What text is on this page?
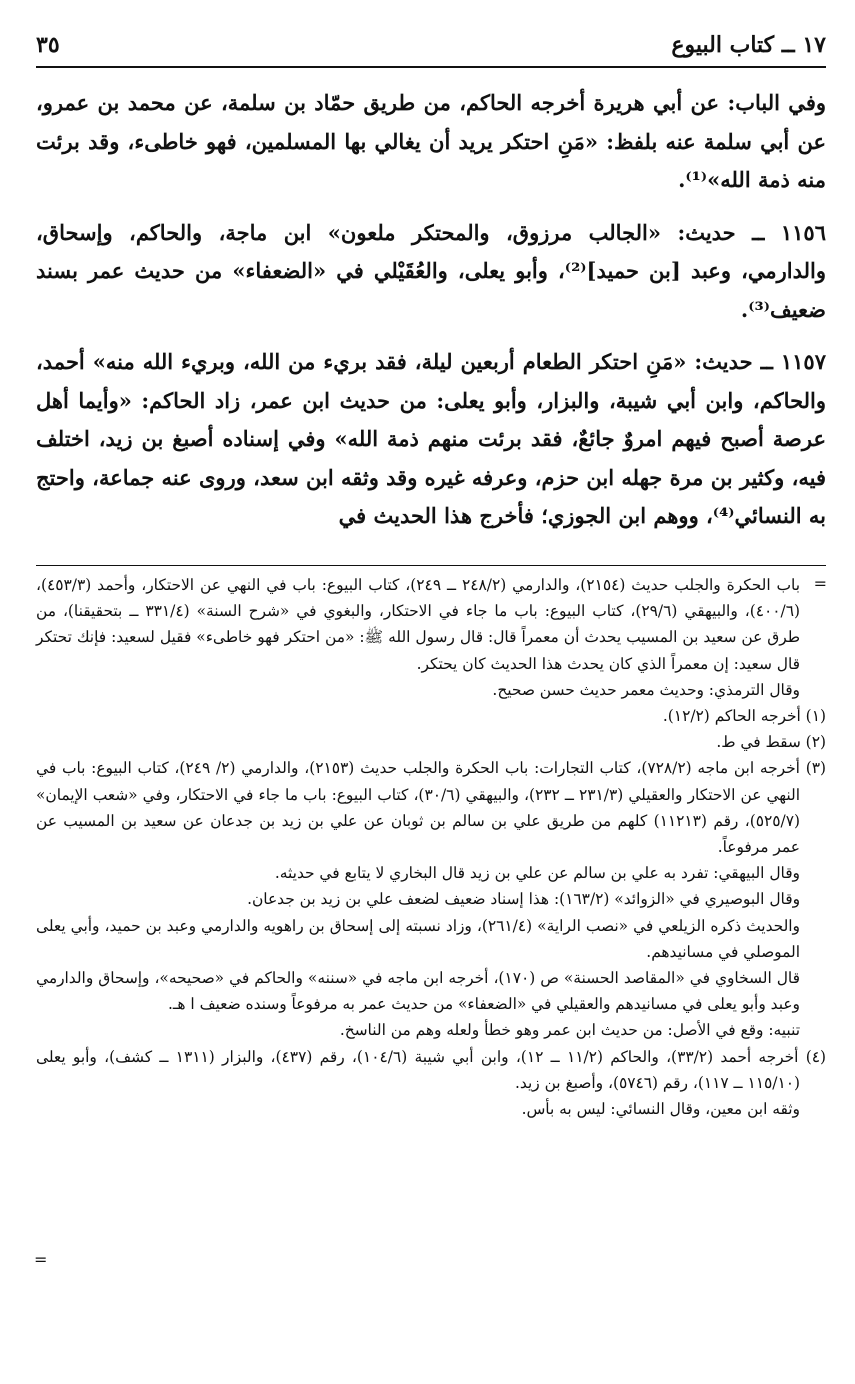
١٧ ــ كتاب البيوع
٣٥

وفي الباب: عن أبي هريرة أخرجه الحاكم، من طريق حمّاد بن سلمة، عن محمد بن عمرو، عن أبي سلمة عنه بلفظ: «مَنِ احتكر يريد أن يغالي بها المسلمين، فهو خاطىء، وقد برئت منه ذمة الله»⁽¹⁾.

١١٥٦ ــ حديث: «الجالب مرزوق، والمحتكر ملعون» ابن ماجة، والحاكم، وإسحاق، والدارمي، وعبد [بن حميد]⁽²⁾، وأبو يعلى، والعُقَيْلي في «الضعفاء» من حديث عمر بسند ضعيف⁽³⁾.

١١٥٧ ــ حديث: «مَنِ احتكر الطعام أربعين ليلة، فقد بريء من الله، وبريء الله منه» أحمد، والحاكم، وابن أبي شيبة، والبزار، وأبو يعلى: من حديث ابن عمر، زاد الحاكم: «وأيما أهل عرصة أصبح فيهم امروٌ جائعٌ، فقد برئت منهم ذمة الله» وفي إسناده أصبغ بن زيد، اختلف فيه، وكثير بن مرة جهله ابن حزم، وعرفه غيره وقد وثقه ابن سعد، وروى عنه جماعة، واحتج به النسائي⁽⁴⁾، ووهم ابن الجوزي؛ فأخرج هذا الحديث في

باب الحكرة والجلب حديث (٢١٥٤)، والدارمي (٢٤٨/٢ ــ ٢٤٩)، كتاب البيوع: باب في النهي عن الاحتكار، وأحمد (٤٥٣/٣)، (٤٠٠/٦)، والبيهقي (٢٩/٦)، كتاب البيوع: باب ما جاء في الاحتكار، والبغوي في «شرح السنة» (٣٣١/٤ ــ بتحقيقنا)، من طرق عن سعيد بن المسيب يحدث أن معمراً قال: قال رسول الله ﷺ: «من احتكر فهو خاطىء» فقيل لسعيد: فإنك تحتكر قال سعيد: إن معمراً الذي كان يحدث هذا الحديث كان يحتكر.

وقال الترمذي: وحديث معمر حديث حسن صحيح.

(١) أخرجه الحاكم (١٢/٢).

(٢) سقط في ط.

(٣) أخرجه ابن ماجه (٧٢٨/٢)، كتاب التجارات: باب الحكرة والجلب حديث (٢١٥٣)، والدارمي (٢/ ٢٤٩)، كتاب البيوع: باب في النهي عن الاحتكار والعقيلي (٢٣١/٣ ــ ٢٣٢)، والبيهقي (٣٠/٦)، كتاب البيوع: باب ما جاء في الاحتكار، وفي «شعب الإيمان» (٥٢٥/٧)، رقم (١١٢١٣) كلهم من طريق علي بن سالم بن ثوبان عن علي بن زيد بن جدعان عن سعيد بن المسيب عن عمر مرفوعاً.

وقال البيهقي: تفرد به علي بن سالم عن علي بن زيد قال البخاري لا يتابع في حديثه.

وقال البوصيري في «الزوائد» (١٦٣/٢): هذا إسناد ضعيف لضعف علي بن زيد بن جدعان.

والحديث ذكره الزيلعي في «نصب الراية» (٢٦١/٤)، وزاد نسبته إلى إسحاق بن راهويه والدارمي وعبد بن حميد، وأبي يعلى الموصلي في مسانيدهم.

قال السخاوي في «المقاصد الحسنة» ص (١٧٠)، أخرجه ابن ماجه في «سننه» والحاكم في «صحيحه»، وإسحاق والدارمي وعبد وأبو يعلى في مسانيدهم والعقيلي في «الضعفاء» من حديث عمر به مرفوعاً وسنده ضعيف ا هـ.

تنبيه: وقع في الأصل: من حديث ابن عمر وهو خطأ ولعله وهم من الناسخ.

(٤) أخرجه أحمد (٣٣/٢)، والحاكم (١١/٢ ــ ١٢)، وابن أبي شيبة (١٠٤/٦)، رقم (٤٣٧)، والبزار (١٣١١ ــ كشف)، وأبو يعلى (١١٥/١٠ ــ ١١٧)، رقم (٥٧٤٦)، وأصبغ بن زيد.

وثقه ابن معين، وقال النسائي: ليس به بأس.

=
=
